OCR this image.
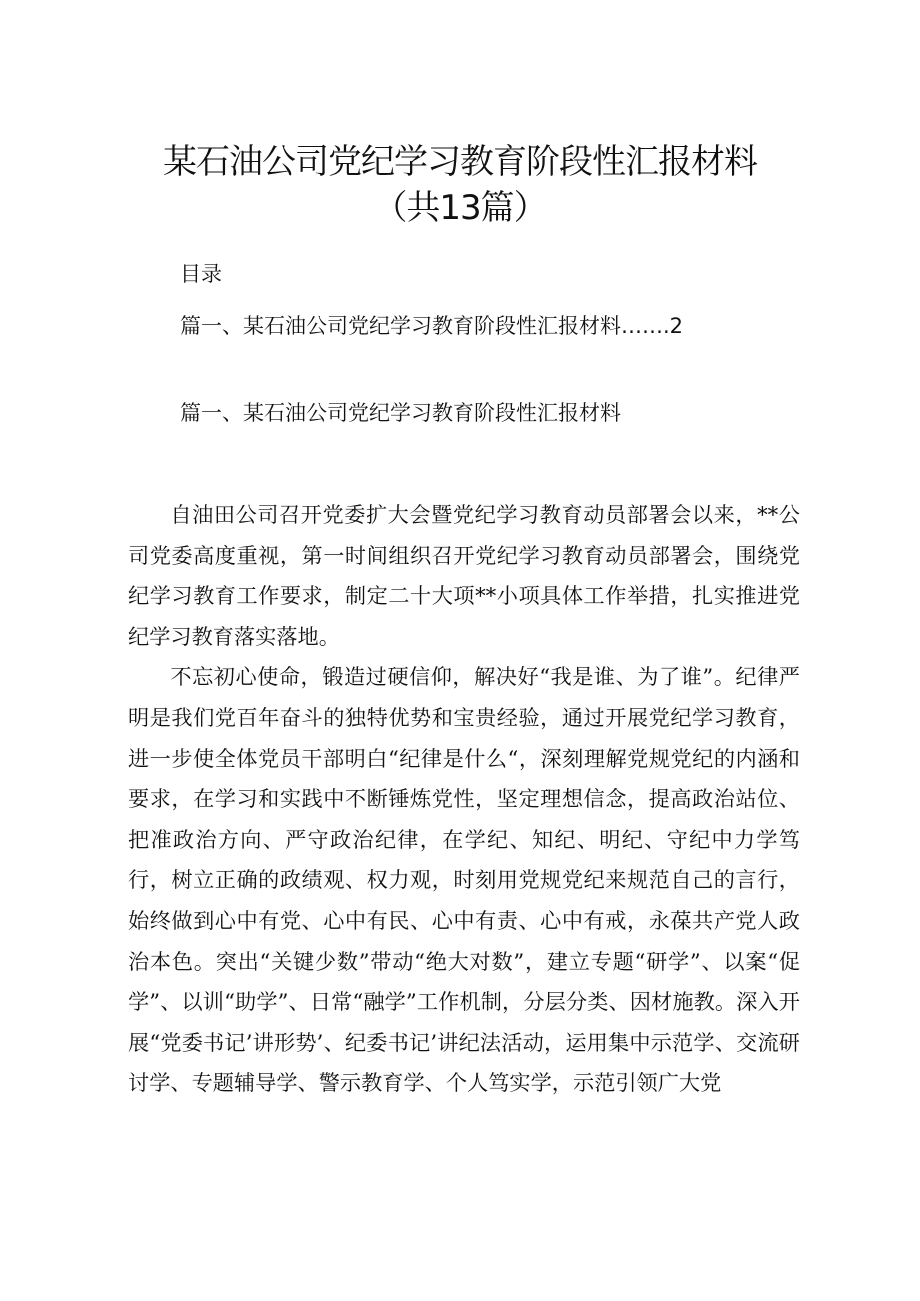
某石油公司党纪学习教育阶段性汇报材料
（共13篇）
目录
篇一、某石油公司党纪学习教育阶段性汇报材料…….2
篇一、某石油公司党纪学习教育阶段性汇报材料

自油田公司召开党委扩大会暨党纪学习教育动员部署会以来，**公司党委高度重视，第一时间组织召开党纪学习教育动员部署会，围绕党纪学习教育工作要求，制定二十大项**小项具体工作举措，扎实推进党纪学习教育落实落地。

不忘初心使命，锻造过硬信仰，解决好“我是谁、为了谁”。纪律严明是我们党百年奋斗的独特优势和宝贵经验，通过开展党纪学习教育，进一步使全体党员干部明白“纪律是什么“，深刻理解党规党纪的内涵和要求，在学习和实践中不断锤炼党性，坚定理想信念，提高政治站位、把准政治方向、严守政治纪律，在学纪、知纪、明纪、守纪中力学笃行，树立正确的政绩观、权力观，时刻用党规党纪来规范自己的言行，始终做到心中有党、心中有民、心中有责、心中有戒，永葆共产党人政治本色。突出“关键少数”带动“绝大对数”，建立专题“研学”、以案“促学”、以训“助学”、日常“融学”工作机制，分层分类、因材施教。深入开展“党委书记’讲形势’、纪委书记’讲纪法活动，运用集中示范学、交流研讨学、专题辅导学、警示教育学、个人笃实学，示范引领广大党
